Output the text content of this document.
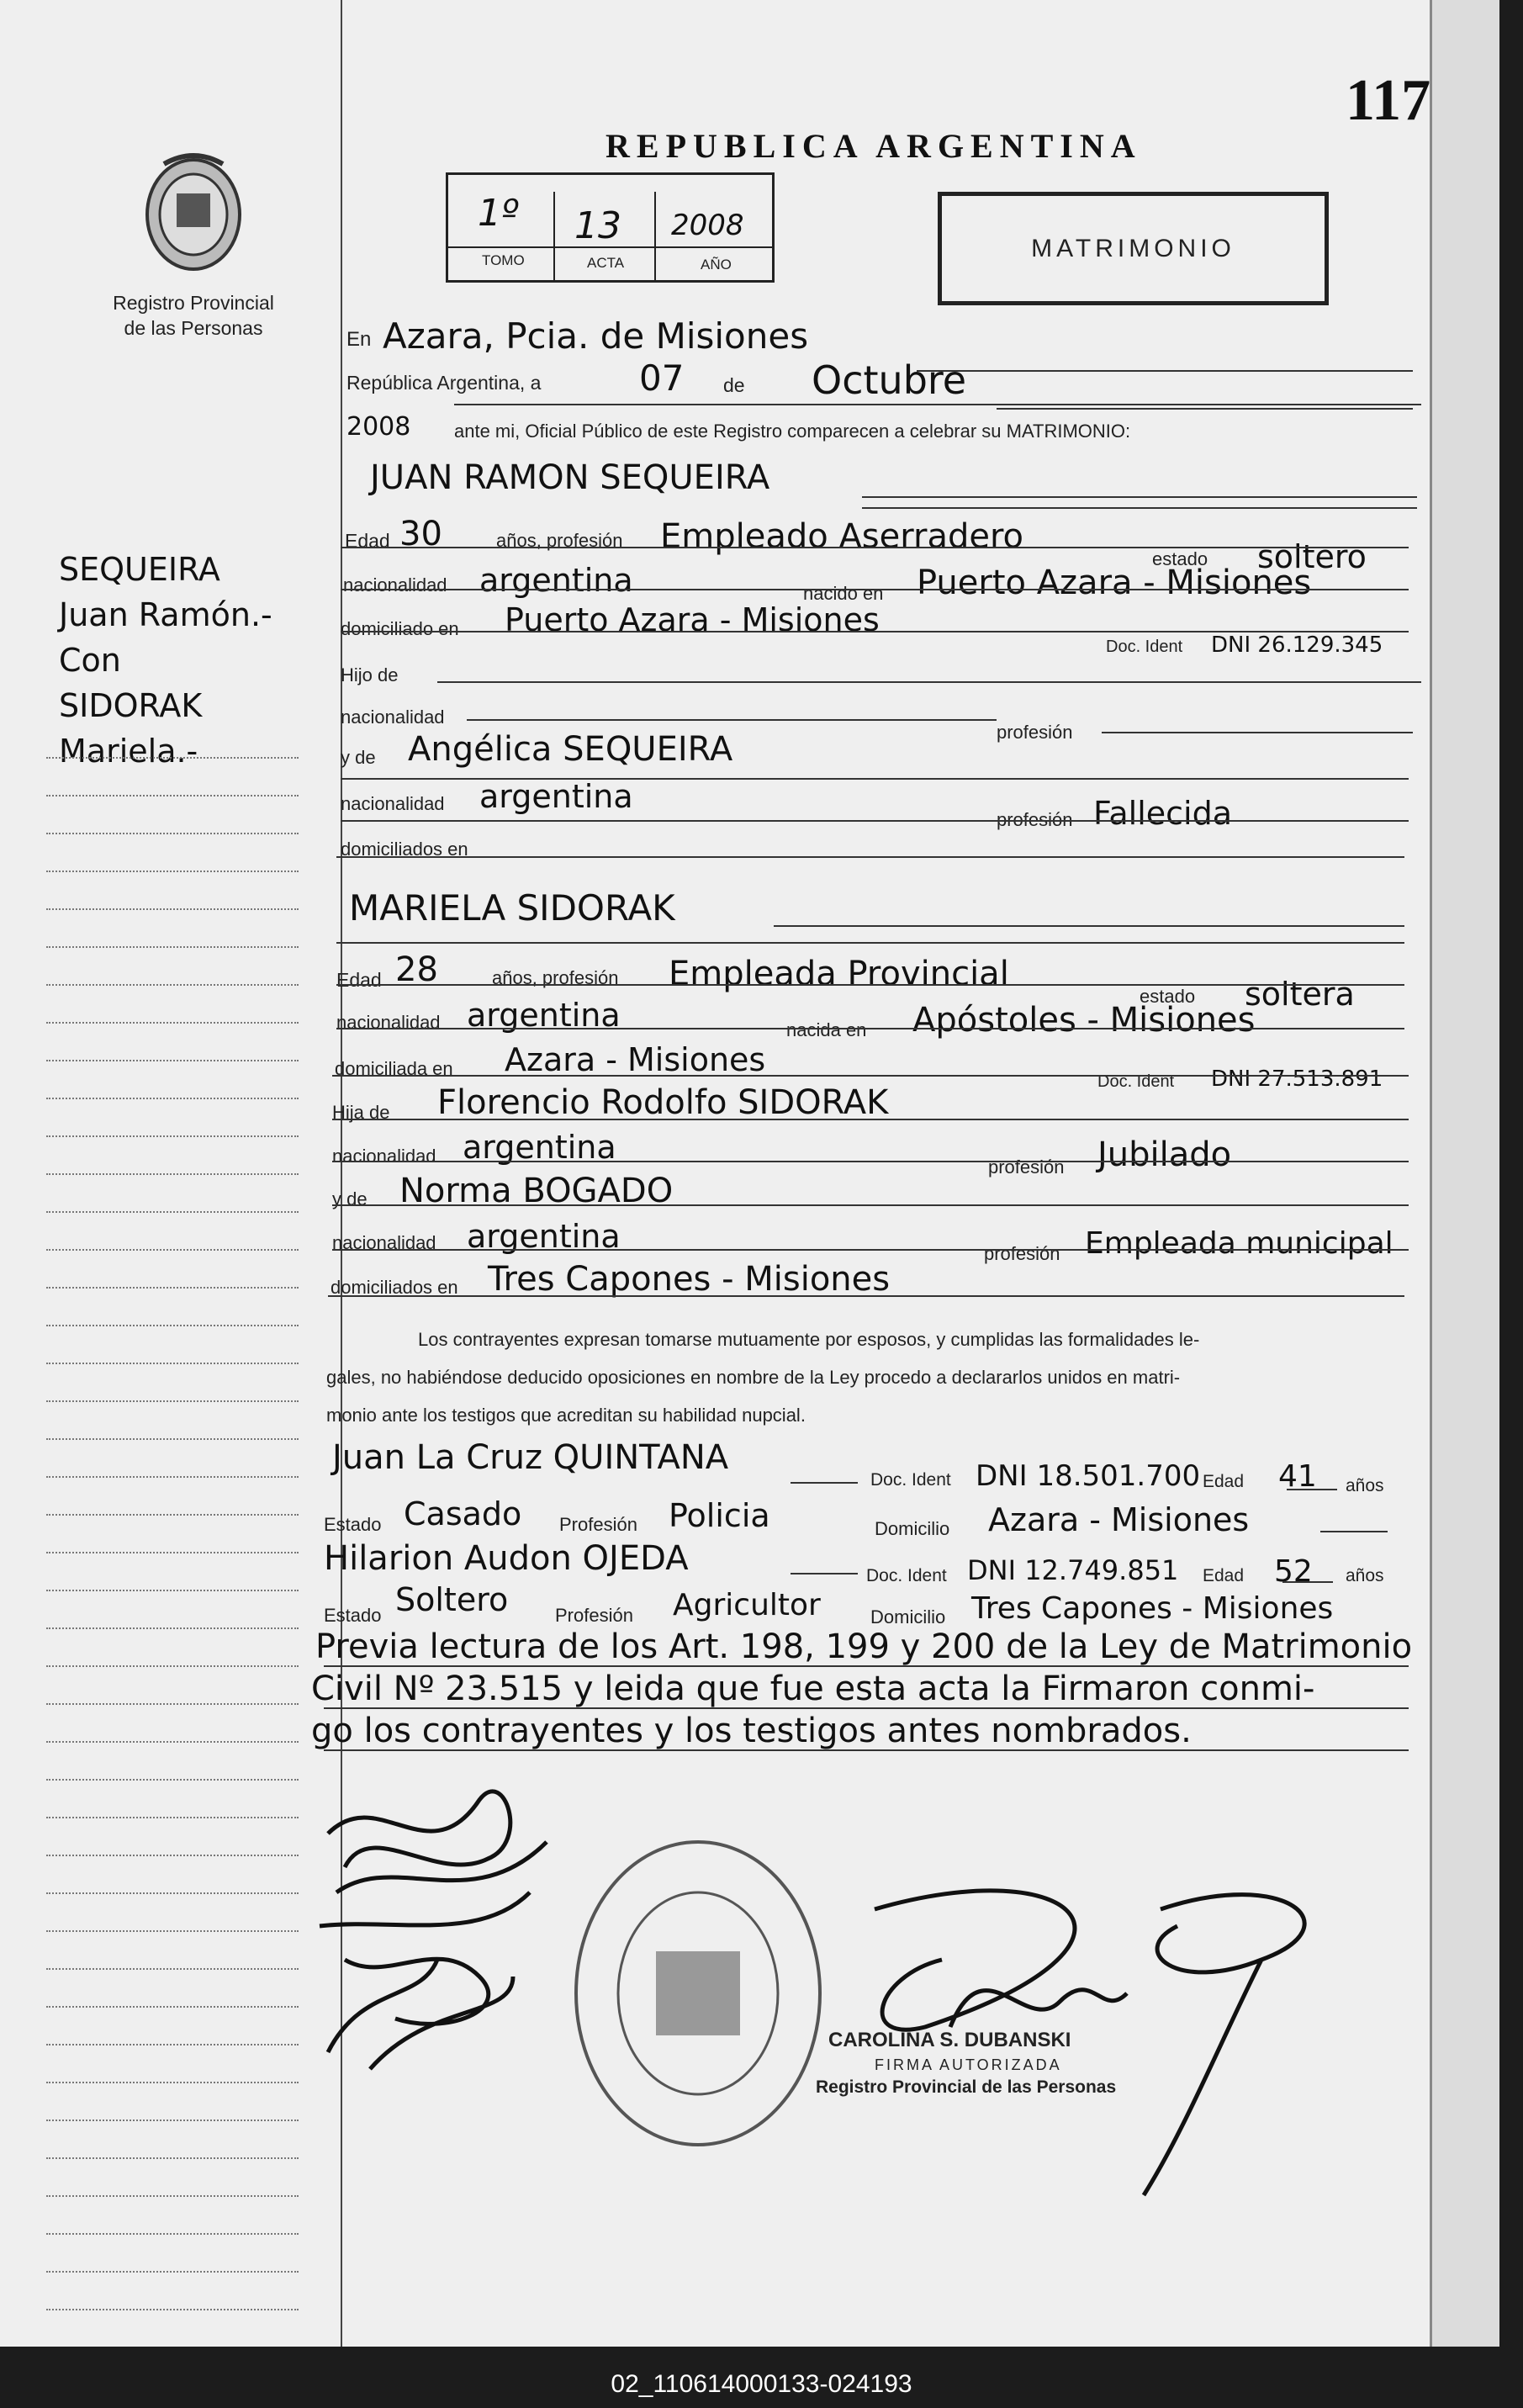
Registro Provincial
de las Personas
SEQUEIRA
Juan Ramón.-
Con
SIDORAK
Mariela.-
117
REPUBLICA ARGENTINA
1º 13 2008
TOMO	ACTA	AÑO
MATRIMONIO
En Azara, Pcia. de Misiones
República Argentina, a	07 de Octubre
2008 ante mi, Oficial Público de este Registro comparecen a celebrar su MATRIMONIO:
JUAN RAMON SEQUEIRA
Edad 30	años, profesión Empleado Aserradero
estado soltero
nacionalidad argentina	nacido en Puerto Azara - Misiones
domiciliado en Puerto Azara - Misiones
Doc. Ident DNI 26.129.345
Hijo de
nacionalidad
profesión
y de Angélica SEQUEIRA
nacionalidad argentina
profesión Fallecida
domiciliados en
MARIELA SIDORAK
Edad 28	años, profesión Empleada Provincial
estado soltera
nacionalidad argentina	nacida en Apóstoles - Misiones
domiciliada en Azara - Misiones
Doc. Ident DNI 27.513.891
Hija de Florencio Rodolfo SIDORAK
nacionalidad argentina
profesión Jubilado
y de Norma BOGADO
nacionalidad argentina	profesión Empleada municipal
domiciliados en Tres Capones - Misiones
Los contrayentes expresan tomarse mutuamente por esposos, y cumplidas las formalidades le-
gales, no habiéndose deducido oposiciones en nombre de la Ley procedo a declararlos unidos en matri-
monio ante los testigos que acreditan su habilidad nupcial.
Juan La Cruz QUINTANA
Doc. Ident DNI 18.501.700 Edad 41 años
Estado Casado Profesión Policia	Domicilio Azara - Misiones
Hilarion Audon OJEDA	Doc. Ident DNI 12.749.851 Edad 52 años
Estado Soltero	Profesión Agricultor	Domicilio Tres Capones - Misiones
Previa lectura de los Art. 198, 199 y 200 de la Ley de Matrimonio
Civil Nº 23.515 y leida que fue esta acta la Firmaron conmi-
go los contrayentes y los testigos antes nombrados.
CAROLINA S. DUBANSKI
FIRMA AUTORIZADA
Registro Provincial de las Personas
02_110614000133-024193
